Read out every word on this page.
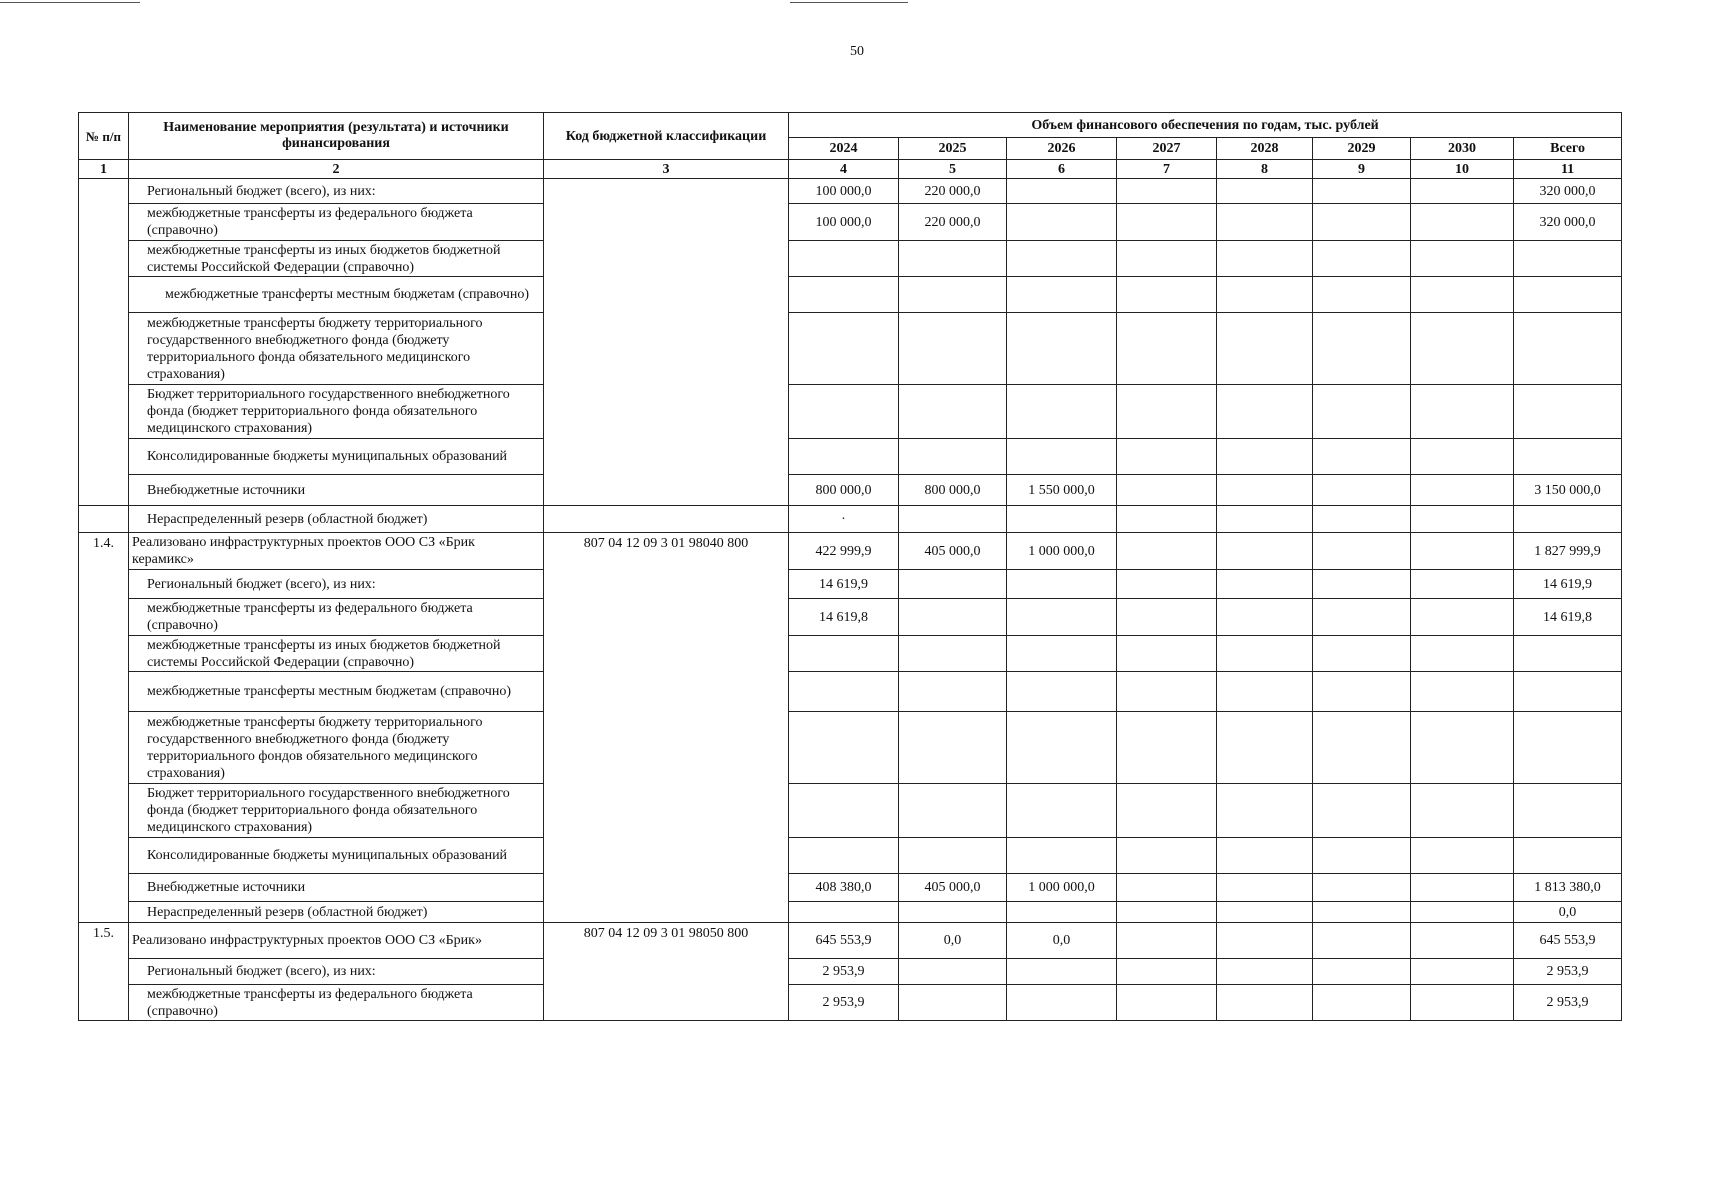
50
№ п/п	Наименование мероприятия (результата) и источники финансирования	Код бюджетной классификации	Объем финансового обеспечения по годам, тыс. рублей							
			2024	2025	2026	2027	2028	2029	2030	Всего
1	2	3	4	5	6	7	8	9	10	11
	Региональный бюджет (всего), из них:		100 000,0	220 000,0						320 000,0
	межбюджетные трансферты из федерального бюджета (справочно)		100 000,0	220 000,0						320 000,0
	межбюджетные трансферты из иных бюджетов бюджетной системы Российской Федерации (справочно)									
	межбюджетные трансферты местным бюджетам (справочно)									
	межбюджетные трансферты бюджету территориального государственного внебюджетного фонда (бюджету территориального фонда обязательного медицинского страхования)									
	Бюджет территориального государственного внебюджетного фонда (бюджет территориального фонда обязательного медицинского страхования)									
	Консолидированные бюджеты муниципальных образований									
	Внебюджетные источники		800 000,0	800 000,0	1 550 000,0					3 150 000,0
	Нераспределенный резерв (областной бюджет)		·							
1.4.	Реализовано инфраструктурных проектов ООО СЗ «Брик керамикс»	807 04 12 09 3 01 98040 800	422 999,9	405 000,0	1 000 000,0					1 827 999,9
	Региональный бюджет (всего), из них:		14 619,9							14 619,9
	межбюджетные трансферты из федерального бюджета (справочно)		14 619,8							14 619,8
	межбюджетные трансферты из иных бюджетов бюджетной системы Российской Федерации (справочно)									
	межбюджетные трансферты местным бюджетам (справочно)									
	межбюджетные трансферты бюджету территориального государственного внебюджетного фонда (бюджету территориального фондов обязательного медицинского страхования)									
	Бюджет территориального государственного внебюджетного фонда (бюджет территориального фонда обязательного медицинского страхования)									
	Консолидированные бюджеты муниципальных образований									
	Внебюджетные источники		408 380,0	405 000,0	1 000 000,0					1 813 380,0
	Нераспределенный резерв (областной бюджет)									0,0
1.5.	Реализовано инфраструктурных проектов ООО СЗ «Брик»	807 04 12 09 3 01 98050 800	645 553,9	0,0	0,0					645 553,9
	Региональный бюджет (всего), из них:		2 953,9							2 953,9
	межбюджетные трансферты из федерального бюджета (справочно)		2 953,9							2 953,9
